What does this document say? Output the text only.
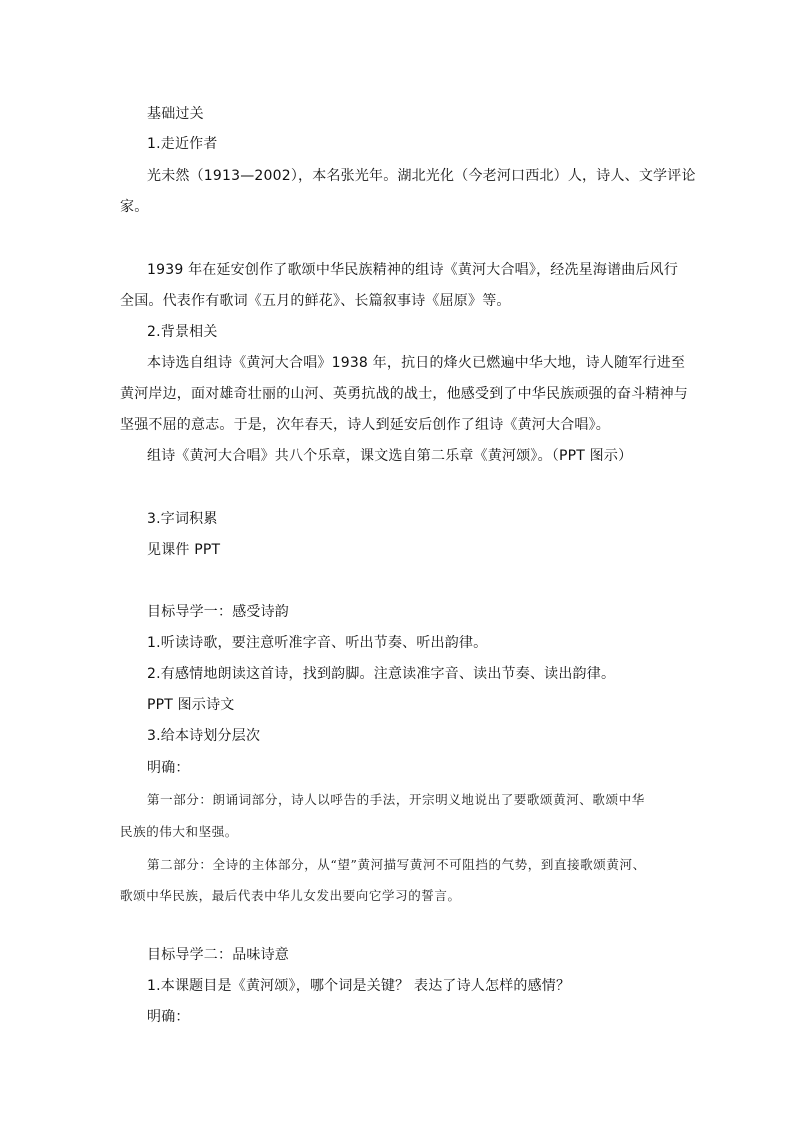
基础过关
1.走近作者
光未然（1913—2002），本名张光年。湖北光化（今老河口西北）人，诗人、文学评论
家。
1939 年在延安创作了歌颂中华民族精神的组诗《黄河大合唱》，经冼星海谱曲后风行
全国。代表作有歌词《五月的鲜花》、长篇叙事诗《屈原》等。
2.背景相关
本诗选自组诗《黄河大合唱》1938 年，抗日的烽火已燃遍中华大地，诗人随军行进至
黄河岸边，面对雄奇壮丽的山河、英勇抗战的战士，他感受到了中华民族顽强的奋斗精神与
坚强不屈的意志。于是，次年春天，诗人到延安后创作了组诗《黄河大合唱》。
组诗《黄河大合唱》共八个乐章，课文选自第二乐章《黄河颂》。（PPT 图示）
3.字词积累
见课件 PPT
目标导学一：感受诗韵
1.听读诗歌，要注意听准字音、听出节奏、听出韵律。
2.有感情地朗读这首诗，找到韵脚。注意读准字音、读出节奏、读出韵律。
PPT 图示诗文
3.给本诗划分层次
明确：
第一部分：朗诵词部分，诗人以呼告的手法，开宗明义地说出了要歌颂黄河、歌颂中华
民族的伟大和坚强。
第二部分：全诗的主体部分，从“望”黄河描写黄河不可阻挡的气势，到直接歌颂黄河、
歌颂中华民族，最后代表中华儿女发出要向它学习的誓言。
目标导学二：品味诗意
1.本课题目是《黄河颂》，哪个词是关键？ 表达了诗人怎样的感情？
明确：
